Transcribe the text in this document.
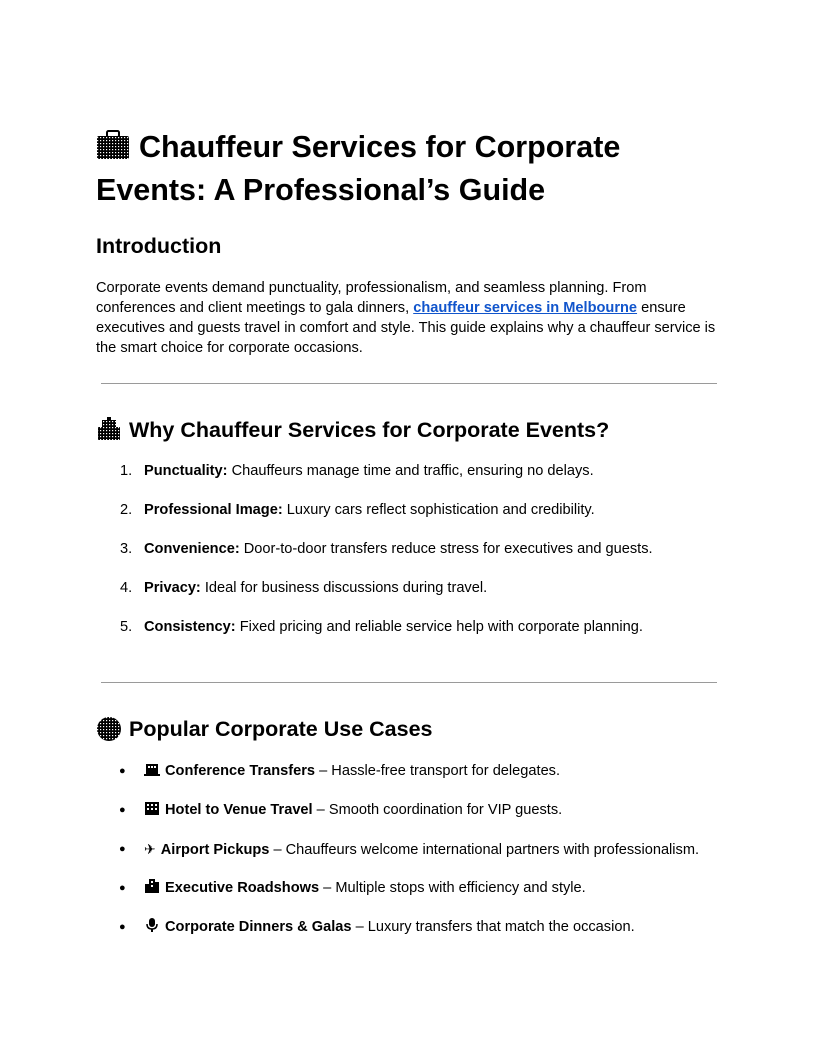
Chauffeur Services for Corporate Events: A Professional’s Guide
Introduction

Corporate events demand punctuality, professionalism, and seamless planning. From conferences and client meetings to gala dinners, chauffeur services in Melbourne ensure executives and guests travel in comfort and style. This guide explains why a chauffeur service is the smart choice for corporate occasions.

Why Chauffeur Services for Corporate Events?
1. Punctuality: Chauffeurs manage time and traffic, ensuring no delays.
2. Professional Image: Luxury cars reflect sophistication and credibility.
3. Convenience: Door-to-door transfers reduce stress for executives and guests.
4. Privacy: Ideal for business discussions during travel.
5. Consistency: Fixed pricing and reliable service help with corporate planning.
Popular Corporate Use Cases
●	Conference Transfers – Hassle-free transport for delegates.
●	Hotel to Venue Travel – Smooth coordination for VIP guests.
● ✈ Airport Pickups – Chauffeurs welcome international partners with professionalism.
●	Executive Roadshows – Multiple stops with efficiency and style.
●	Corporate Dinners & Galas – Luxury transfers that match the occasion.
